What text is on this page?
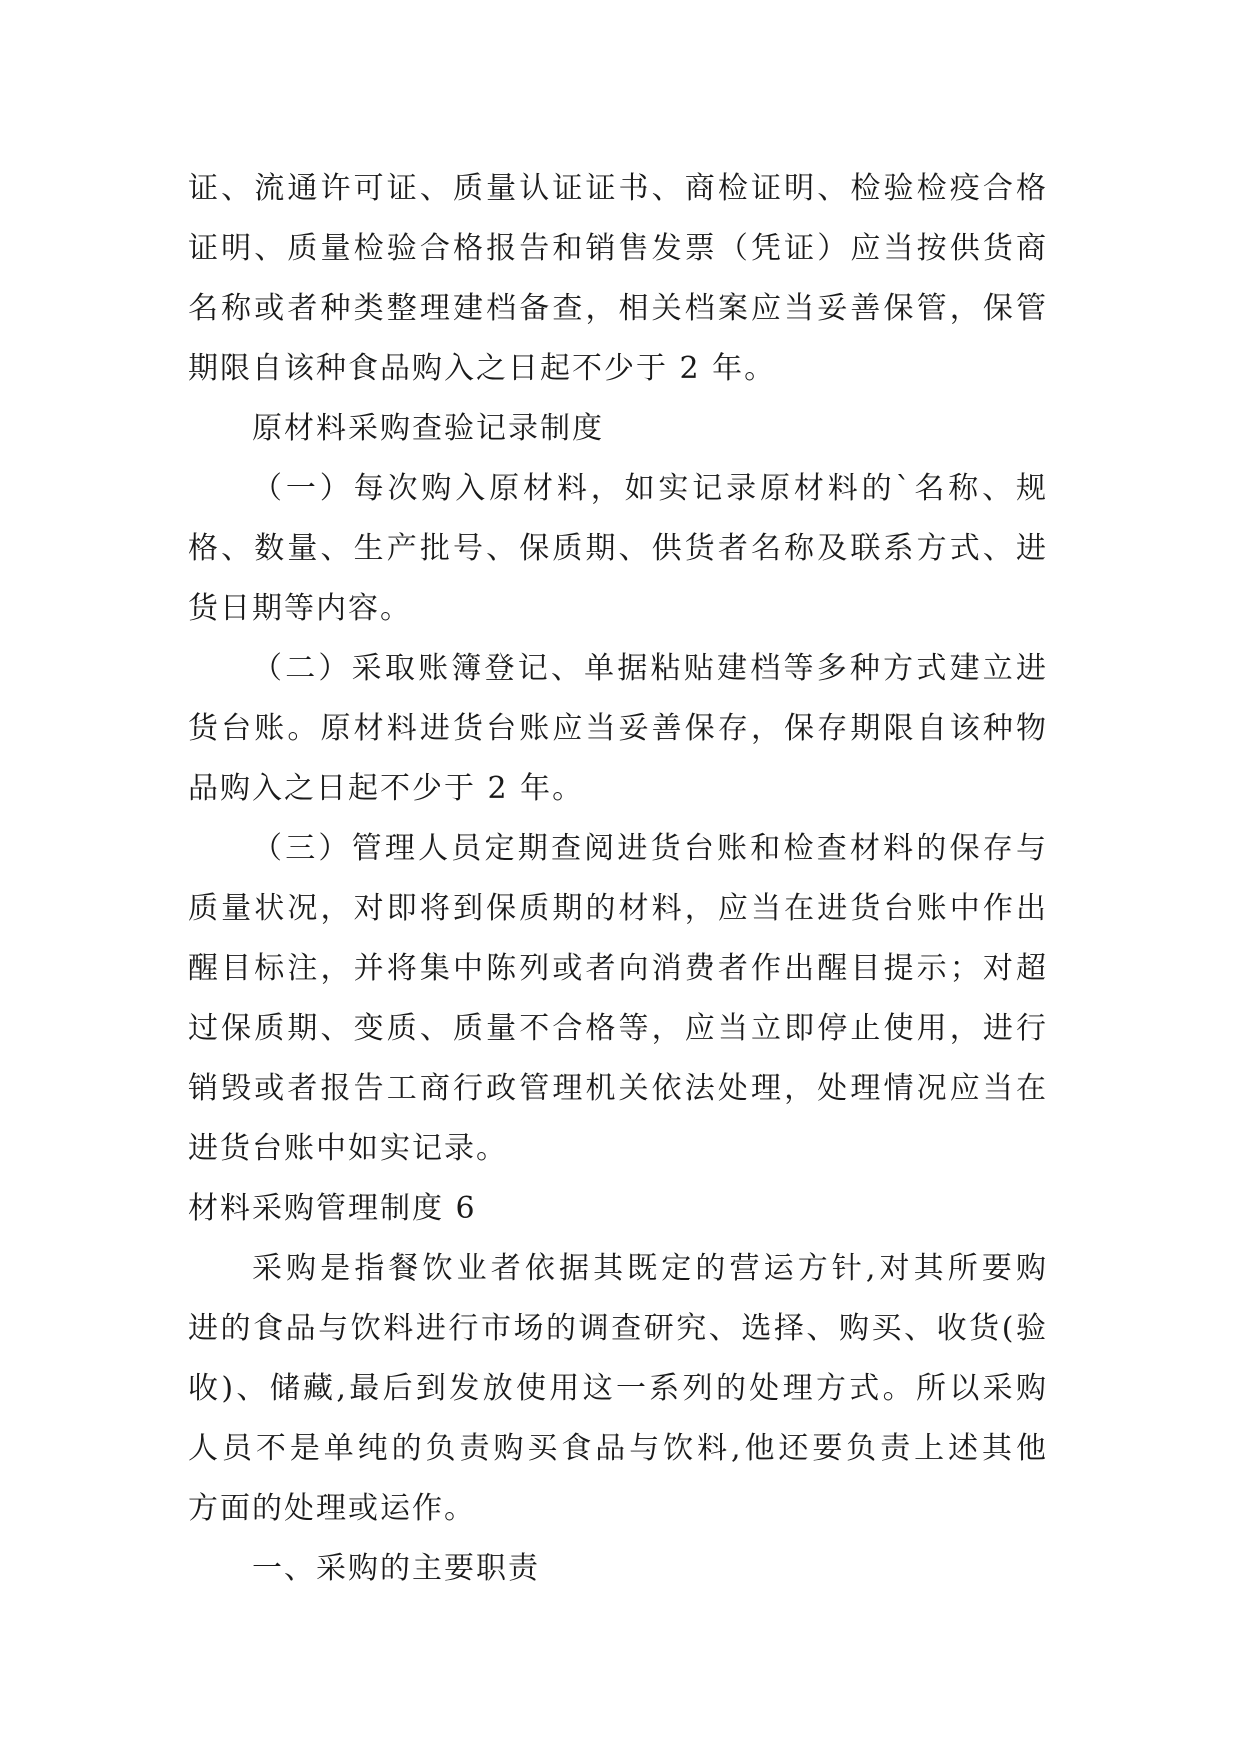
证、流通许可证、质量认证证书、商检证明、检验检疫合格
证明、质量检验合格报告和销售发票（凭证）应当按供货商
名称或者种类整理建档备查，相关档案应当妥善保管，保管
期限自该种食品购入之日起不少于 2 年。
原材料采购查验记录制度
（一）每次购入原材料，如实记录原材料的`名称、规
格、数量、生产批号、保质期、供货者名称及联系方式、进
货日期等内容。
（二）采取账簿登记、单据粘贴建档等多种方式建立进
货台账。原材料进货台账应当妥善保存，保存期限自该种物
品购入之日起不少于 2 年。
（三）管理人员定期查阅进货台账和检查材料的保存与
质量状况，对即将到保质期的材料，应当在进货台账中作出
醒目标注，并将集中陈列或者向消费者作出醒目提示；对超
过保质期、变质、质量不合格等，应当立即停止使用，进行
销毁或者报告工商行政管理机关依法处理，处理情况应当在
进货台账中如实记录。
材料采购管理制度 6
采购是指餐饮业者依据其既定的营运方针,对其所要购
进的食品与饮料进行市场的调查研究、选择、购买、收货(验
收)、储藏,最后到发放使用这一系列的处理方式。所以采购
人员不是单纯的负责购买食品与饮料,他还要负责上述其他
方面的处理或运作。
一、采购的主要职责
